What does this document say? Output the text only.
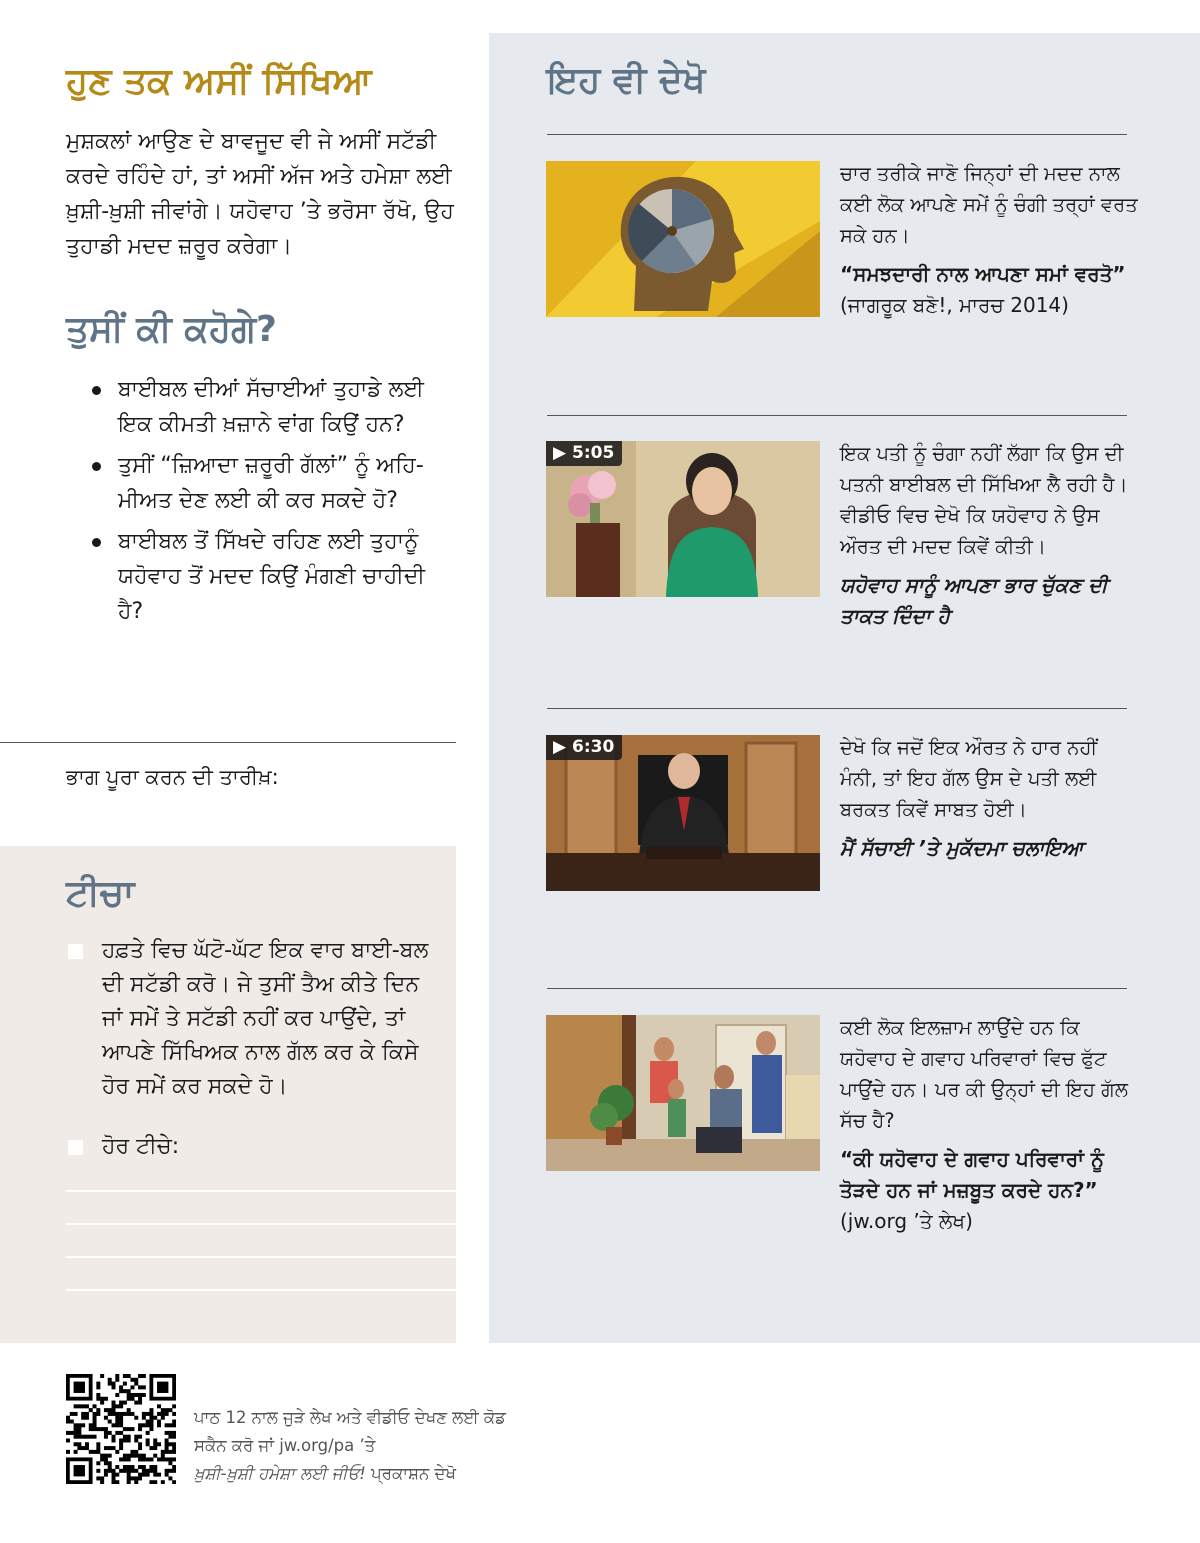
ਹੁਣ ਤਕ ਅਸੀਂ ਸਿੱਖਿਆ

ਮੁਸ਼ਕਲਾਂ ਆਉਣ ਦੇ ਬਾਵਜੂਦ ਵੀ ਜੇ ਅਸੀਂ ਸਟੱਡੀ ਕਰਦੇ ਰਹਿੰਦੇ ਹਾਂ, ਤਾਂ ਅਸੀਂ ਅੱਜ ਅਤੇ ਹਮੇਸ਼ਾ ਲਈ ਖ਼ੁਸ਼ੀ-ਖ਼ੁਸ਼ੀ ਜੀਵਾਂਗੇ। ਯਹੋਵਾਹ ’ਤੇ ਭਰੋਸਾ ਰੱਖੋ, ਉਹ ਤੁਹਾਡੀ ਮਦਦ ਜ਼ਰੂਰ ਕਰੇਗਾ।

ਤੁਸੀਂ ਕੀ ਕਹੋਗੇ?
ਬਾਈਬਲ ਦੀਆਂ ਸੱਚਾਈਆਂ ਤੁਹਾਡੇ ਲਈ ਇਕ ਕੀਮਤੀ ਖ਼ਜ਼ਾਨੇ ਵਾਂਗ ਕਿਉਂ ਹਨ?
ਤੁਸੀਂ “ਜ਼ਿਆਦਾ ਜ਼ਰੂਰੀ ਗੱਲਾਂ” ਨੂੰ ਅਹਿ-ਮੀਅਤ ਦੇਣ ਲਈ ਕੀ ਕਰ ਸਕਦੇ ਹੋ?
ਬਾਈਬਲ ਤੋਂ ਸਿੱਖਦੇ ਰਹਿਣ ਲਈ ਤੁਹਾਨੂੰ ਯਹੋਵਾਹ ਤੋਂ ਮਦਦ ਕਿਉਂ ਮੰਗਣੀ ਚਾਹੀਦੀ ਹੈ?
ਭਾਗ ਪੂਰਾ ਕਰਨ ਦੀ ਤਾਰੀਖ਼:
ਟੀਚਾ
ਹਫ਼ਤੇ ਵਿਚ ਘੱਟੋ-ਘੱਟ ਇਕ ਵਾਰ ਬਾਈ-ਬਲ ਦੀ ਸਟੱਡੀ ਕਰੋ। ਜੇ ਤੁਸੀਂ ਤੈਅ ਕੀਤੇ ਦਿਨ ਜਾਂ ਸਮੇਂ ਤੇ ਸਟੱਡੀ ਨਹੀਂ ਕਰ ਪਾਉਂਦੇ, ਤਾਂ ਆਪਣੇ ਸਿੱਖਿਅਕ ਨਾਲ ਗੱਲ ਕਰ ਕੇ ਕਿਸੇ ਹੋਰ ਸਮੇਂ ਕਰ ਸਕਦੇ ਹੋ।
ਹੋਰ ਟੀਚੇ:
ਇਹ ਵੀ ਦੇਖੋ

ਚਾਰ ਤਰੀਕੇ ਜਾਣੋ ਜਿਨ੍ਹਾਂ ਦੀ ਮਦਦ ਨਾਲ ਕਈ ਲੋਕ ਆਪਣੇ ਸਮੇਂ ਨੂੰ ਚੰਗੀ ਤਰ੍ਹਾਂ ਵਰਤ ਸਕੇ ਹਨ।

“ਸਮਝਦਾਰੀ ਨਾਲ ਆਪਣਾ ਸਮਾਂ ਵਰਤੋ” (ਜਾਗਰੂਕ ਬਣੋ!, ਮਾਰਚ 2014)

▶ 5:05	ਇਕ ਪਤੀ ਨੂੰ ਚੰਗਾ ਨਹੀਂ ਲੱਗਾ ਕਿ ਉਸ ਦੀ ਪਤਨੀ ਬਾਈਬਲ ਦੀ ਸਿੱਖਿਆ ਲੈ ਰਹੀ ਹੈ। ਵੀਡੀਓ ਵਿਚ ਦੇਖੋ ਕਿ ਯਹੋਵਾਹ ਨੇ ਉਸ ਔਰਤ ਦੀ ਮਦਦ ਕਿਵੇਂ ਕੀਤੀ।

ਯਹੋਵਾਹ ਸਾਨੂੰ ਆਪਣਾ ਭਾਰ ਚੁੱਕਣ ਦੀ ਤਾਕਤ ਦਿੰਦਾ ਹੈ

▶ 6:30	ਦੇਖੋ ਕਿ ਜਦੋਂ ਇਕ ਔਰਤ ਨੇ ਹਾਰ ਨਹੀਂ ਮੰਨੀ, ਤਾਂ ਇਹ ਗੱਲ ਉਸ ਦੇ ਪਤੀ ਲਈ ਬਰਕਤ ਕਿਵੇਂ ਸਾਬਤ ਹੋਈ।

ਮੈਂ ਸੱਚਾਈ ’ਤੇ ਮੁਕੱਦਮਾ ਚਲਾਇਆ

ਕਈ ਲੋਕ ਇਲਜ਼ਾਮ ਲਾਉਂਦੇ ਹਨ ਕਿ ਯਹੋਵਾਹ ਦੇ ਗਵਾਹ ਪਰਿਵਾਰਾਂ ਵਿਚ ਫੁੱਟ ਪਾਉਂਦੇ ਹਨ। ਪਰ ਕੀ ਉਨ੍ਹਾਂ ਦੀ ਇਹ ਗੱਲ ਸੱਚ ਹੈ?

“ਕੀ ਯਹੋਵਾਹ ਦੇ ਗਵਾਹ ਪਰਿਵਾਰਾਂ ਨੂੰ ਤੋੜਦੇ ਹਨ ਜਾਂ ਮਜ਼ਬੂਤ ਕਰਦੇ ਹਨ?” (jw.org ’ਤੇ ਲੇਖ)

ਪਾਠ 12 ਨਾਲ ਜੁੜੇ ਲੇਖ ਅਤੇ ਵੀਡੀਓ ਦੇਖਣ ਲਈ ਕੋਡ ਸਕੈਨ ਕਰੋ ਜਾਂ jw.org/pa ’ਤੇ
ਖ਼ੁਸ਼ੀ-ਖ਼ੁਸ਼ੀ ਹਮੇਸ਼ਾ ਲਈ ਜੀਓ! ਪ੍ਰਕਾਸ਼ਨ ਦੇਖੋ
